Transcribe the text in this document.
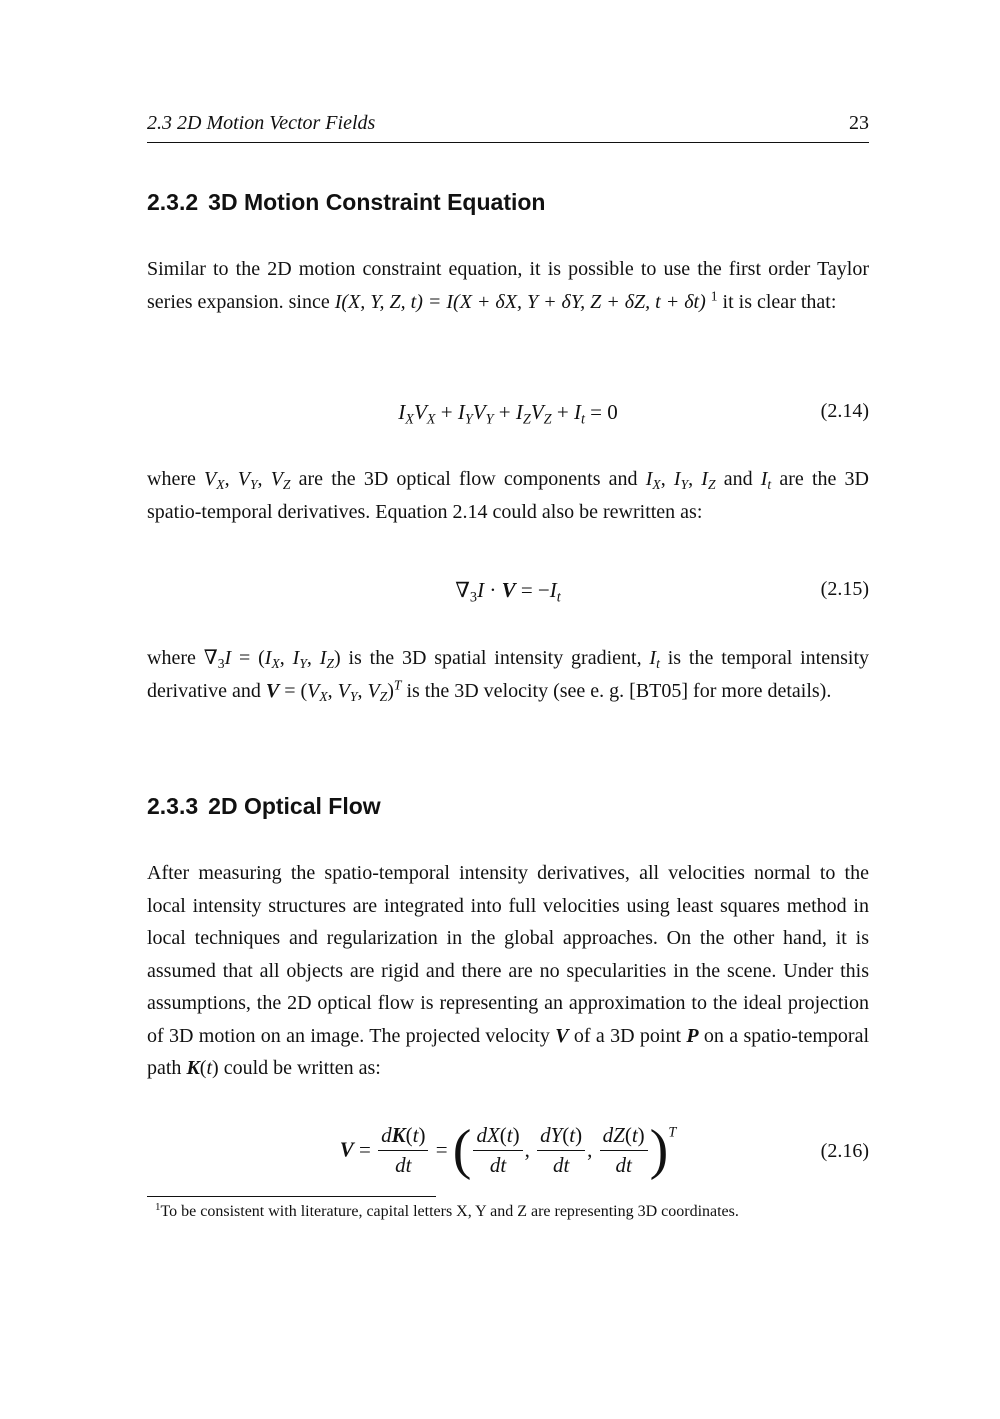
2.3 2D Motion Vector Fields	23
2.3.2 3D Motion Constraint Equation

Similar to the 2D motion constraint equation, it is possible to use the first order Taylor series expansion. since I(X, Y, Z, t) = I(X + δX, Y + δY, Z + δZ, t + δt) $^1$ it is clear that:

$I_XV_X + I_YV_Y + I_ZV_Z + I_t = 0$	(2.14)

where $V_X$, $V_Y$, $V_Z$ are the 3D optical flow components and $I_X$, $I_Y$, $I_Z$ and $I_t$ are the 3D spatio-temporal derivatives. Equation 2.14 could also be rewritten as:

$\nabla_3I \cdot V = -I_t$	(2.15)

where $\nabla_3I = (I_X$, $I_Y$, $I_Z$) is the 3D spatial intensity gradient, $I_t$ is the temporal intensity derivative and $V = (V_X$, $V_Y$, $V_Z)^T$ is the 3D velocity (see e. g. [BT05] for more details).

2.3.3 2D Optical Flow

After measuring the spatio-temporal intensity derivatives, all velocities normal to the local intensity structures are integrated into full velocities using least squares method in local techniques and regularization in the global approaches. On the other hand, it is assumed that all objects are rigid and there are no specularities in the scene. Under this assumptions, the 2D optical flow is representing an approximation to the ideal projection of 3D motion on an image. The projected velocity V of a 3D point P on a spatio-temporal path K(t) could be written as:

$V = \frac{dK(t)}{dt}$ = ( $\frac{dX(t)}{dt}$ , $\frac{dY(t)}{dt}$ , $\frac{dZ(t)}{dt} )^T$
(2.16)
$^1$To be consistent with literature, capital letters X, Y and Z are representing 3D coordinates.
